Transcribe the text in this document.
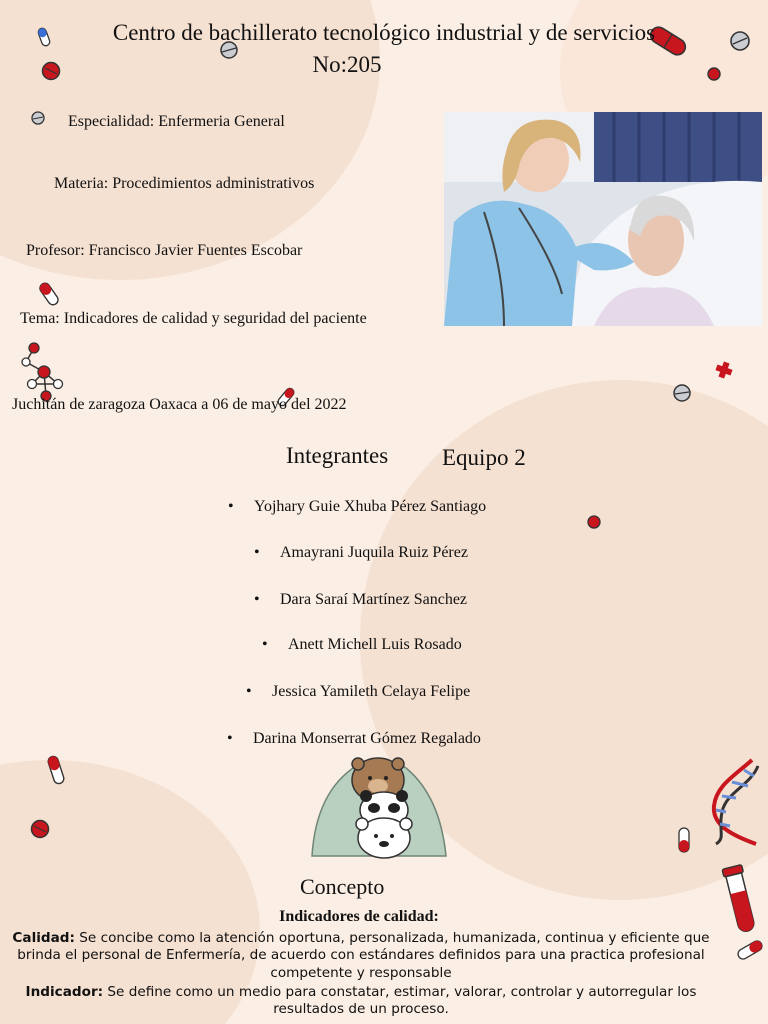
Centro de bachillerato tecnológico industrial y de servicios
No:205
Especialidad: Enfermeria General
Materia: Procedimientos administrativos
Profesor: Francisco Javier Fuentes Escobar
Tema: Indicadores de calidad y seguridad del paciente
Juchitán de zaragoza Oaxaca a 06 de mayo del 2022
Integrantes Equipo 2
• Yojhary Guie Xhuba Pérez Santiago
• Amayrani Juquila Ruiz Pérez
• Dara Saraí Martínez Sanchez
• Anett Michell Luis Rosado
• Jessica Yamileth Celaya Felipe
• Darina Monserrat Gómez Regalado
Concepto
Indicadores de calidad:
Calidad: Se concibe como la atención oportuna, personalizada, humanizada, continua y eficiente que brinda el personal de Enfermería, de acuerdo con estándares definidos para una practica profesional competente y responsable
Indicador: Se define como un medio para constatar, estimar, valorar, controlar y autorregular los resultados de un proceso.
